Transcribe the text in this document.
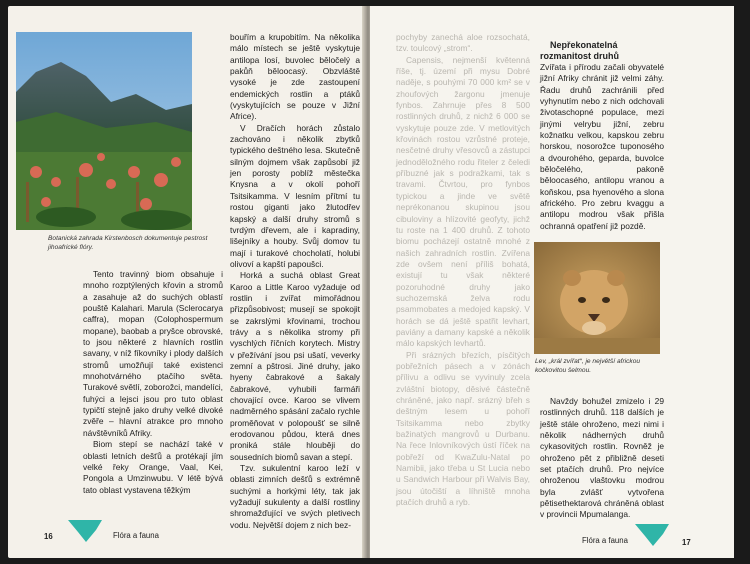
Botanická zahrada Kirstenbosch dokumentuje pestrost jihoafrické flóry.

Tento travinný biom obsahuje i mnoho rozptýlených křovin a stromů a zasahuje až do suchých oblastí pouště Kalahari. Marula (Sclerocarya caffra), mopan (Colophospermum mopane), baobab a pryšce obrovské, to jsou některé z hlavních rostlin savany, v níž fíkovníky i plody dalších stromů umožňují také existenci mnohotvárného ptačího světa. Turakové světlí, zoborožci, mandelíci, fuhýci a lejsci jsou pro tuto oblast typičtí stejně jako druhy velké divoké zvěře – hlavní atrakce pro mnoho návštěvníků Afriky.

Biom stepí se nachází také v oblasti letních dešťů a protékají jím velké řeky Orange, Vaal, Kei, Pongola a Umzinwubu. V létě bývá tato oblast vystavena těžkým

bouřím a krupobitím. Na několika málo místech se ještě vyskytuje antilopa losí, buvolec běločelý a pakůň běloocasý. Obzvláště vysoké je zde zastoupení endemických rostlin a ptáků (vyskytujících se pouze v Jižní Africe).

V Dračích horách zůstalo zachováno i několik zbytků typického deštného lesa. Skutečně silným dojmem však zapůsobí již jen porosty poblíž městečka Knysna a v okolí pohoří Tsitsikamma. V lesním přítmí tu rostou giganti jako žlutodřev kapský a další druhy stromů s tvrdým dřevem, ale i kapradiny, lišejníky a houby. Svůj domov tu mají i turakové chocholatí, holubi olivoví a kapští papoušci.

Horká a suchá oblast Great Karoo a Little Karoo vyžaduje od rostlin i zvířat mimořádnou přizpůsobivost; musejí se spokojit se zakrslými křovinami, trochou trávy a s několika stromy při vyschlých říčních korytech. Mistry v přežívání jsou psi ušatí, veverky zemní a pštrosi. Jiné druhy, jako hyeny čabrakové a šakaly čabrakové, vyhubili farmáři chovající ovce. Karoo se vlivem nadměrného spásání začalo rychle proměňovat v polopoušť se silně erodovanou půdou, která dnes proniká stále hlouběji do sousedních biomů savan a stepí.

Tzv. sukulentní karoo leží v oblasti zimních dešťů s extrémně suchými a horkými léty, tak jak vyžadují sukulenty a další rostliny shromažďující ve svých pletivech vodu. Největší dojem z nich bez-

16	Flóra a fauna

pochyby zanechá aloe rozsochatá, tzv. toulcový „strom“.

Capensis, nejmenší květenná říše, tj. území při mysu Dobré naděje, s pouhými 70 000 km² se v zhoufových žargonu jmenuje fynbos. Zahrnuje přes 8 500 rostlinných druhů, z nichž 6 000 se vyskytuje pouze zde. V metlovitých křovinách rostou vzrůstné proteje, nesčetné druhy vřesovců a zástupci jednoděložného rodu řiteler z čeledi příbuzné jak s podražkami, tak s travami. Čtvrtou, pro fynbos typickou a jinde ve světě neprékonanou skupinou jsou cibuloviny a hlízovité geofyty, jichž tu roste na 1 400 druhů. Z tohoto biomu pocházejí ostatně mnohé z našich zahradních rostlin. Zvířena zde ovšem není příliš bohatá, existují tu však některé pozoruhodné druhy jako suchozemská želva rodu psammobates a medojed kapský. V horách se dá ještě spatřit levhart, paviány a damany kapské a několik málo kapských levhartů.

Při srázných březích, písčitých pobřežních pásech a v zónách přílivu a odlivu se vyvinuly zcela zvláštní biotopy, děsivé částečně chráněné, jako např. srázný břeh s deštným lesem u pohoří Tsitsikamma nebo zbytky bažinatých mangrovů u Durbanu. Na řece Inlovníkových ústí říček na pobřeží od KwaZulu-Natal po Namibii, jako třeba u St Lucia nebo u Sandwich Harbour při Walvis Bay, jsou útočiští a líhniště mnoha ptačích druhů a ryb.

Nepřekonatelná rozmanitost druhů

Zvířata i přírodu začali obyvatelé jižní Afriky chránit již velmi záhy. Řadu druhů zachránili před vyhynutím nebo z nich odchovali životaschopné populace, mezi jinými velrybu jižní, zebru kožnatku velkou, kapskou zebru horskou, nosorožce tuponosého a dvourohého, geparda, buvolce běločelého, pakoně běloocasého, antilopu vranou a koňskou, psa hyenového a slona afrického. Pro zebru kvaggu a antilopu modrou však přišla ochranná opatření již pozdě.

Lev, „král zvířat“, je největší africkou kočkovitou šelmou.

Navždy bohužel zmizelo i 29 rostlinných druhů. 118 dalších je ještě stále ohroženo, mezi nimi i několik nádherných druhů cykasovitých rostlin. Rovněž je ohroženo pět z přibližně deseti set ptačích druhů. Pro nejvíce ohroženou vlaštovku modrou byla zvlášť vytvořena pětisethektarová chráněná oblast v provincii Mpumalanga.

Flóra a fauna	17
